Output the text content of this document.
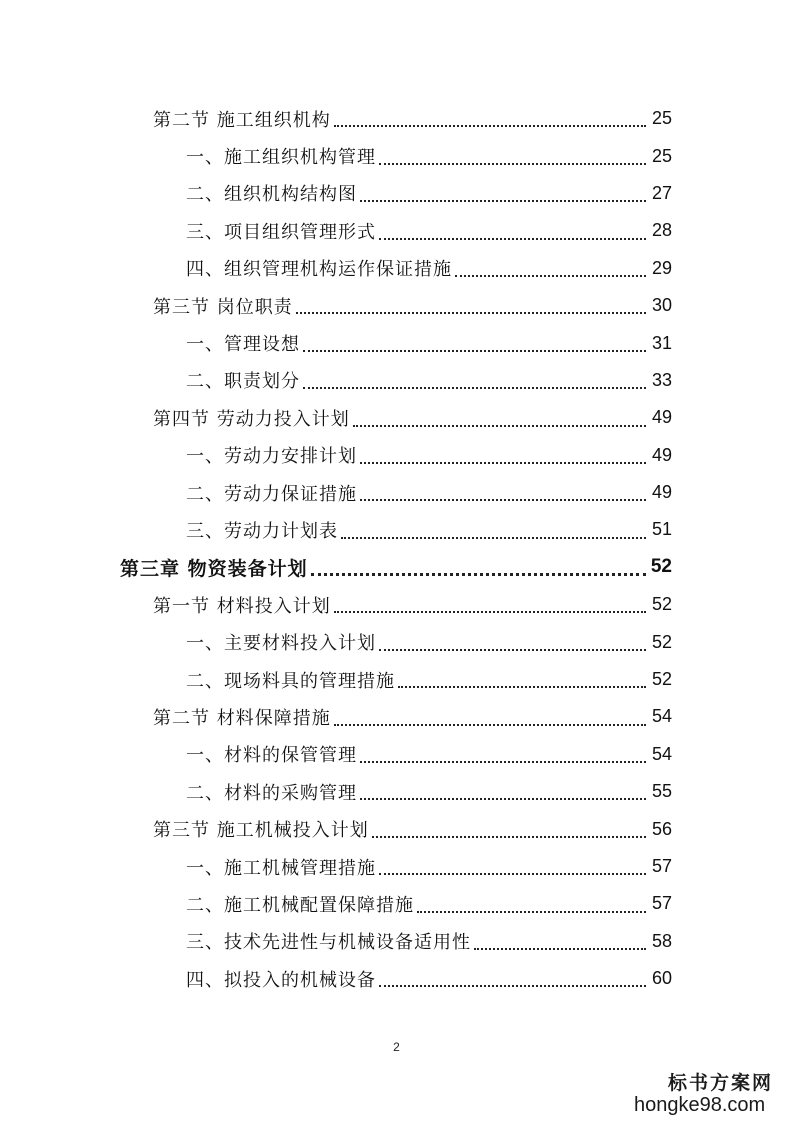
第二节 施工组织机构	25
一、施工组织机构管理	25
二、组织机构结构图	27
三、项目组织管理形式	28
四、组织管理机构运作保证措施	29
第三节 岗位职责	30
一、管理设想	31
二、职责划分	33
第四节 劳动力投入计划	49
一、劳动力安排计划	49
二、劳动力保证措施	49
三、劳动力计划表	51
第三章 物资装备计划	52
第一节 材料投入计划	52
一、主要材料投入计划	52
二、现场料具的管理措施	52
第二节 材料保障措施	54
一、材料的保管管理	54
二、材料的采购管理	55
第三节 施工机械投入计划	56
一、施工机械管理措施	57
二、施工机械配置保障措施	57
三、技术先进性与机械设备适用性	58
四、拟投入的机械设备	60
2
标书方案网
hongke98.com
